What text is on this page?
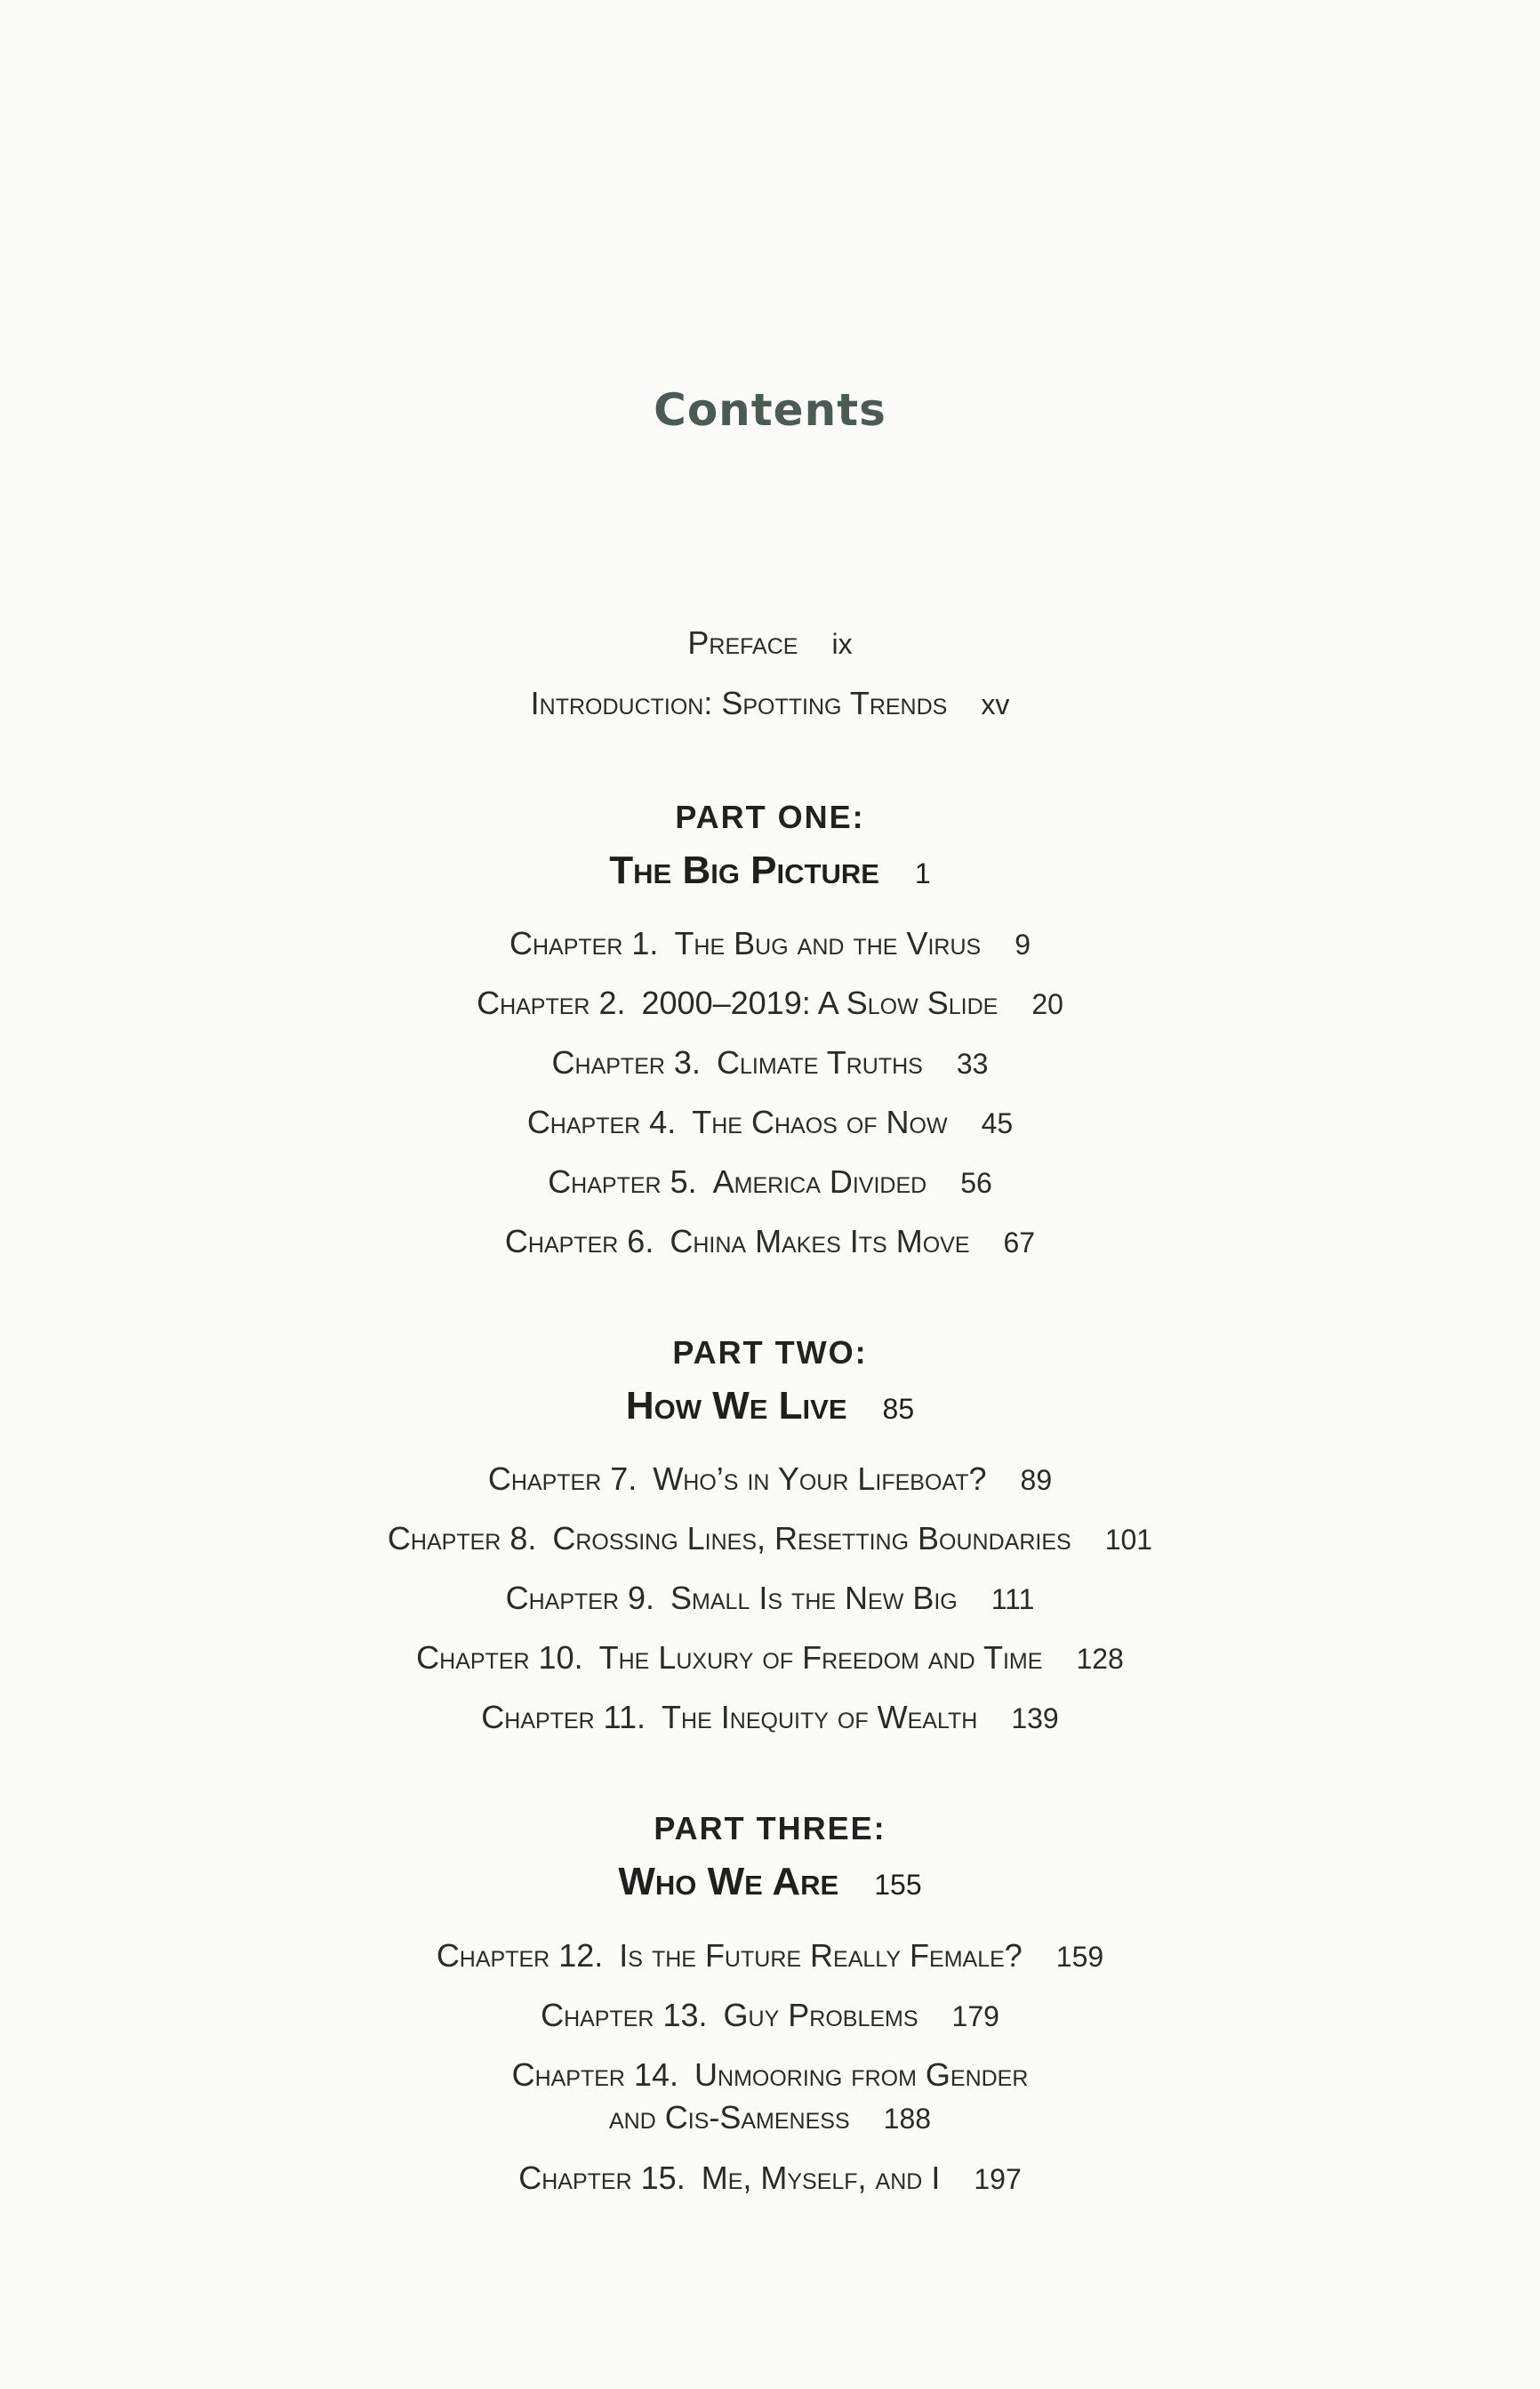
Contents
Preface ix
Introduction: Spotting Trends xv
PART ONE:
The Big Picture 1
Chapter 1. The Bug and the Virus 9
Chapter 2. 2000–2019: A Slow Slide 20
Chapter 3. Climate Truths 33
Chapter 4. The Chaos of Now 45
Chapter 5. America Divided 56
Chapter 6. China Makes Its Move 67
PART TWO:
How We Live 85
Chapter 7. Who’s in Your Lifeboat? 89
Chapter 8. Crossing Lines, Resetting Boundaries 101
Chapter 9. Small Is the New Big 111
Chapter 10. The Luxury of Freedom and Time 128
Chapter 11. The Inequity of Wealth 139
PART THREE:
Who We Are 155
Chapter 12. Is the Future Really Female? 159
Chapter 13. Guy Problems 179
Chapter 14. Unmooring from Gender
and Cis-Sameness 188
Chapter 15. Me, Myself, and I 197
